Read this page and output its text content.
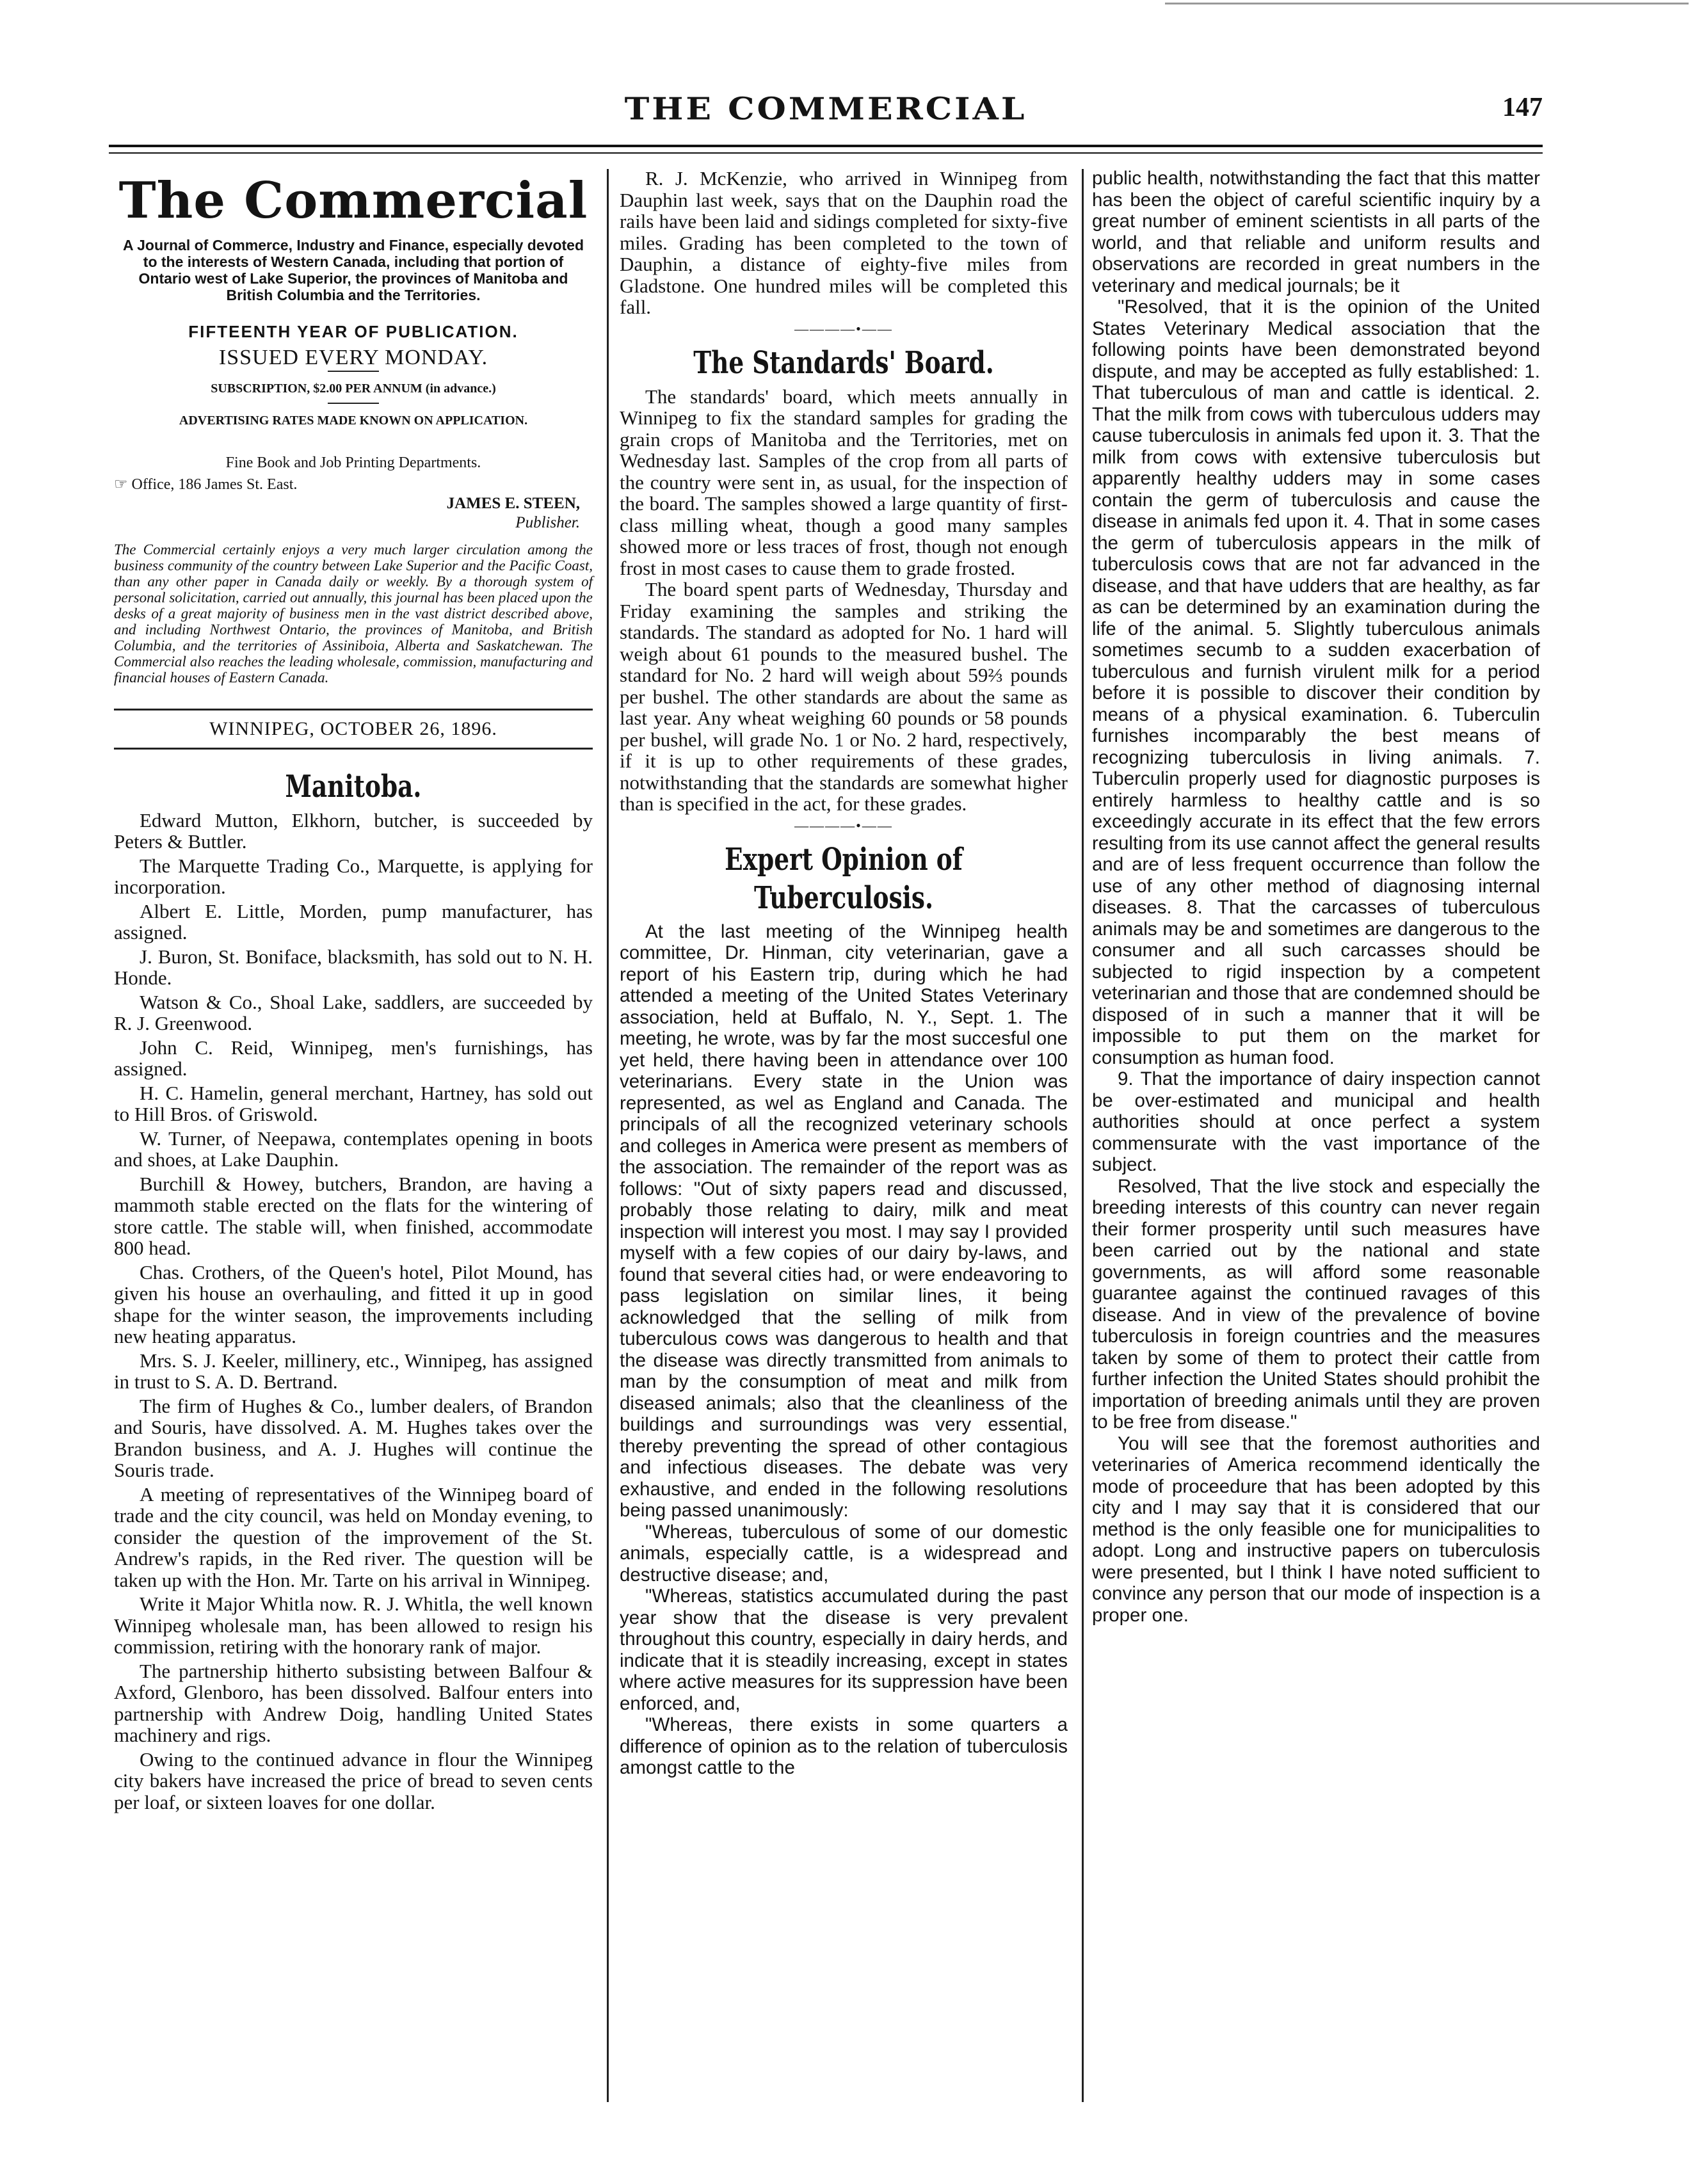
THE COMMERCIAL	147
The Commercial
A Journal of Commerce, Industry and Finance, especially devoted to the interests of Western Canada, including that portion of Ontario west of Lake Superior, the provinces of Manitoba and British Columbia and the Territories.
FIFTEENTH YEAR OF PUBLICATION.
ISSUED EVERY MONDAY.
SUBSCRIPTION, $2.00 PER ANNUM (in advance.)
ADVERTISING RATES MADE KNOWN ON APPLICATION.
Fine Book and Job Printing Departments.
☞ Office, 186 James St. East.
JAMES E. STEEN,
Publisher.
The Commercial certainly enjoys a very much larger circulation among the business community of the country between Lake Superior and the Pacific Coast, than any other paper in Canada daily or weekly. By a thorough system of personal solicitation, carried out annually, this journal has been placed upon the desks of a great majority of business men in the vast district described above, and including Northwest Ontario, the provinces of Manitoba, and British Columbia, and the territories of Assiniboia, Alberta and Saskatchewan. The Commercial also reaches the leading wholesale, commission, manufacturing and financial houses of Eastern Canada.
WINNIPEG, OCTOBER 26, 1896.
Manitoba.

Edward Mutton, Elkhorn, butcher, is succeeded by Peters & Buttler.

The Marquette Trading Co., Marquette, is applying for incorporation.

Albert E. Little, Morden, pump manufacturer, has assigned.

J. Buron, St. Boniface, blacksmith, has sold out to N. H. Honde.

Watson & Co., Shoal Lake, saddlers, are succeeded by R. J. Greenwood.

John C. Reid, Winnipeg, men's furnishings, has assigned.

H. C. Hamelin, general merchant, Hartney, has sold out to Hill Bros. of Griswold.

W. Turner, of Neepawa, contemplates opening in boots and shoes, at Lake Dauphin.

Burchill & Howey, butchers, Brandon, are having a mammoth stable erected on the flats for the wintering of store cattle. The stable will, when finished, accommodate 800 head.

Chas. Crothers, of the Queen's hotel, Pilot Mound, has given his house an overhauling, and fitted it up in good shape for the winter season, the improvements including new heating apparatus.

Mrs. S. J. Keeler, millinery, etc., Winnipeg, has assigned in trust to S. A. D. Bertrand.

The firm of Hughes & Co., lumber dealers, of Brandon and Souris, have dissolved. A. M. Hughes takes over the Brandon business, and A. J. Hughes will continue the Souris trade.

A meeting of representatives of the Winnipeg board of trade and the city council, was held on Monday evening, to consider the question of the improvement of the St. Andrew's rapids, in the Red river. The question will be taken up with the Hon. Mr. Tarte on his arrival in Winnipeg.

Write it Major Whitla now. R. J. Whitla, the well known Winnipeg wholesale man, has been allowed to resign his commission, retiring with the honorary rank of major.

The partnership hitherto subsisting between Balfour & Axford, Glenboro, has been dissolved. Balfour enters into partnership with Andrew Doig, handling United States machinery and rigs.

Owing to the continued advance in flour the Winnipeg city bakers have increased the price of bread to seven cents per loaf, or sixteen loaves for one dollar.

R. J. McKenzie, who arrived in Winnipeg from Dauphin last week, says that on the Dauphin road the rails have been laid and sidings completed for sixty-five miles. Grading has been completed to the town of Dauphin, a distance of eighty-five miles from Gladstone. One hundred miles will be completed this fall.

————•——
The Standards' Board.

The standards' board, which meets annually in Winnipeg to fix the standard samples for grading the grain crops of Manitoba and the Territories, met on Wednesday last. Samples of the crop from all parts of the country were sent in, as usual, for the inspection of the board. The samples showed a large quantity of first-class milling wheat, though a good many samples showed more or less traces of frost, though not enough frost in most cases to cause them to grade frosted.

The board spent parts of Wednesday, Thursday and Friday examining the samples and striking the standards. The standard as adopted for No. 1 hard will weigh about 61 pounds to the measured bushel. The standard for No. 2 hard will weigh about 59⅔ pounds per bushel. The other standards are about the same as last year. Any wheat weighing 60 pounds or 58 pounds per bushel, will grade No. 1 or No. 2 hard, respectively, if it is up to other requirements of these grades, notwithstanding that the standards are somewhat higher than is specified in the act, for these grades.

————•——
Expert Opinion of Tuberculosis.

At the last meeting of the Winnipeg health committee, Dr. Hinman, city veterinarian, gave a report of his Eastern trip, during which he had attended a meeting of the United States Veterinary association, held at Buffalo, N. Y., Sept. 1. The meeting, he wrote, was by far the most succesful one yet held, there having been in attendance over 100 veterinarians. Every state in the Union was represented, as wel as England and Canada. The principals of all the recognized veterinary schools and colleges in America were present as members of the association. The remainder of the report was as follows: "Out of sixty papers read and discussed, probably those relating to dairy, milk and meat inspection will interest you most. I may say I provided myself with a few copies of our dairy by-laws, and found that several cities had, or were endeavoring to pass legislation on similar lines, it being acknowledged that the selling of milk from tuberculous cows was dangerous to health and that the disease was directly transmitted from animals to man by the consumption of meat and milk from diseased animals; also that the cleanliness of the buildings and surroundings was very essential, thereby preventing the spread of other contagious and infectious diseases. The debate was very exhaustive, and ended in the following resolutions being passed unanimously:

"Whereas, tuberculous of some of our domestic animals, especially cattle, is a widespread and destructive disease; and,

"Whereas, statistics accumulated during the past year show that the disease is very prevalent throughout this country, especially in dairy herds, and indicate that it is steadily increasing, except in states where active measures for its suppression have been enforced, and,

"Whereas, there exists in some quarters a difference of opinion as to the relation of tuberculosis amongst cattle to the

public health, notwithstanding the fact that this matter has been the object of careful scientific inquiry by a great number of eminent scientists in all parts of the world, and that reliable and uniform results and observations are recorded in great numbers in the veterinary and medical journals; be it

"Resolved, that it is the opinion of the United States Veterinary Medical association that the following points have been demonstrated beyond dispute, and may be accepted as fully established: 1. That tuberculous of man and cattle is identical. 2. That the milk from cows with tuberculous udders may cause tuberculosis in animals fed upon it. 3. That the milk from cows with extensive tuberculosis but apparently healthy udders may in some cases contain the germ of tuberculosis and cause the disease in animals fed upon it. 4. That in some cases the germ of tuberculosis appears in the milk of tuberculosis cows that are not far advanced in the disease, and that have udders that are healthy, as far as can be determined by an examination during the life of the animal. 5. Slightly tuberculous animals sometimes secumb to a sudden exacerbation of tuberculous and furnish virulent milk for a period before it is possible to discover their condition by means of a physical examination. 6. Tuberculin furnishes incomparably the best means of recognizing tuberculosis in living animals. 7. Tuberculin properly used for diagnostic purposes is entirely harmless to healthy cattle and is so exceedingly accurate in its effect that the few errors resulting from its use cannot affect the general results and are of less frequent occurrence than follow the use of any other method of diagnosing internal diseases. 8. That the carcasses of tuberculous animals may be and sometimes are dangerous to the consumer and all such carcasses should be subjected to rigid inspection by a competent veterinarian and those that are condemned should be disposed of in such a manner that it will be impossible to put them on the market for consumption as human food.

9. That the importance of dairy inspection cannot be over-estimated and municipal and health authorities should at once perfect a system commensurate with the vast importance of the subject.

Resolved, That the live stock and especially the breeding interests of this country can never regain their former prosperity until such measures have been carried out by the national and state governments, as will afford some reasonable guarantee against the continued ravages of this disease. And in view of the prevalence of bovine tuberculosis in foreign countries and the measures taken by some of them to protect their cattle from further infection the United States should prohibit the importation of breeding animals until they are proven to be free from disease."

You will see that the foremost authorities and veterinaries of America recommend identically the mode of proceedure that has been adopted by this city and I may say that it is considered that our method is the only feasible one for municipalities to adopt. Long and instructive papers on tuberculosis were presented, but I think I have noted sufficient to convince any person that our mode of inspection is a proper one.
